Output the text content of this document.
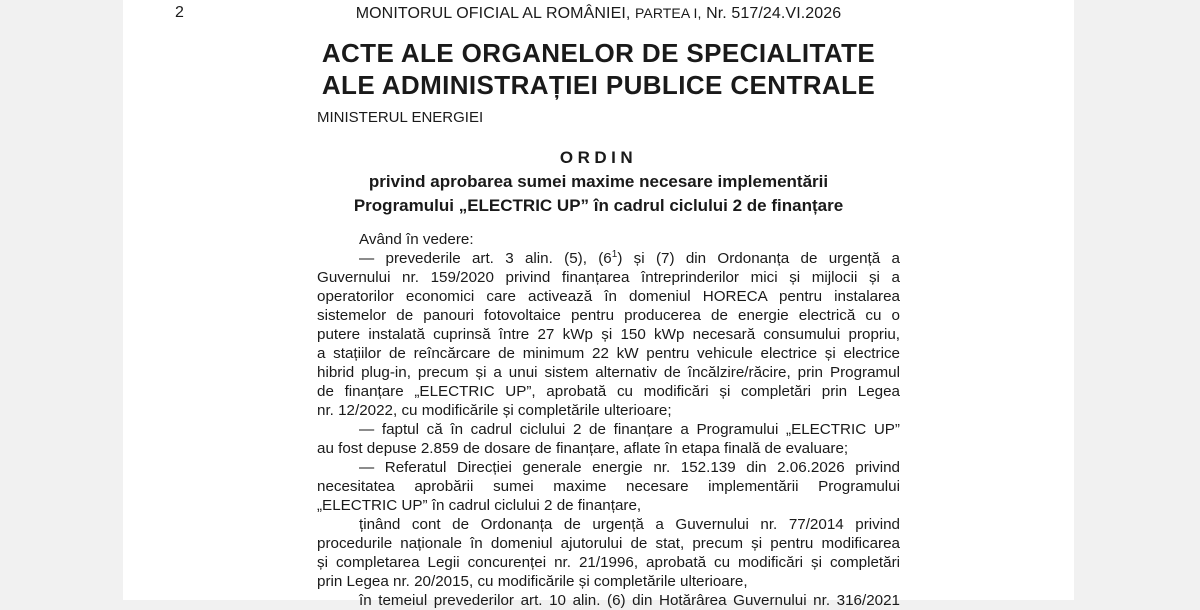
2	MONITORUL OFICIAL AL ROMÂNIEI, PARTEA I, Nr. 517/24.VI.2026
ACTE ALE ORGANELOR DE SPECIALITATE
ALE ADMINISTRAȚIEI PUBLICE CENTRALE
MINISTERUL ENERGIEI
ORDIN
privind aprobarea sumei maxime necesare implementării
Programului „ELECTRIC UP” în cadrul ciclului 2 de finanțare
Având în vedere:
— prevederile art. 3 alin. (5), $(6^1)$ și (7) din Ordonanța de urgență a
Guvernului nr. 159/2020 privind finanțarea întreprinderilor mici și mijlocii și a
operatorilor economici care activează în domeniul HORECA pentru instalarea
sistemelor de panouri fotovoltaice pentru producerea de energie electrică cu o
putere instalată cuprinsă între 27 kWp și 150 kWp necesară consumului propriu,
a stațiilor de reîncărcare de minimum 22 kW pentru vehicule electrice și electrice
hibrid plug-in, precum și a unui sistem alternativ de încălzire/răcire, prin Programul
de finanțare „ELECTRIC UP”, aprobată cu modificări și completări prin Legea
nr. 12/2022, cu modificările și completările ulterioare;
— faptul că în cadrul ciclului 2 de finanțare a Programului „ELECTRIC UP”
au fost depuse 2.859 de dosare de finanțare, aflate în etapa finală de evaluare;
— Referatul Direcției generale energie nr. 152.139 din 2.06.2026 privind
necesitatea aprobării sumei maxime necesare implementării Programului
„ELECTRIC UP” în cadrul ciclului 2 de finanțare,
ținând cont de Ordonanța de urgență a Guvernului nr. 77/2014 privind
procedurile naționale în domeniul ajutorului de stat, precum și pentru modificarea
și completarea Legii concurenței nr. 21/1996, aprobată cu modificări și completări
prin Legea nr. 20/2015, cu modificările și completările ulterioare,
în temeiul prevederilor art. 10 alin. (6) din Hotărârea Guvernului nr. 316/2021
